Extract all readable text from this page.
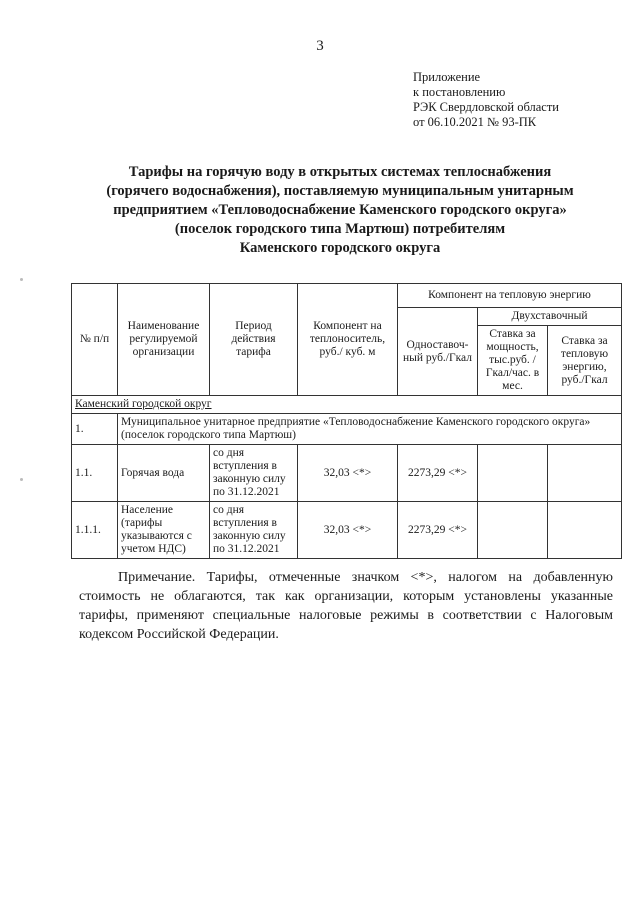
3
Приложение
к постановлению
РЭК Свердловской области
от 06.10.2021 № 93-ПК
Тарифы на горячую воду в открытых системах теплоснабжения
(горячего водоснабжения), поставляемую муниципальным унитарным
предприятием «Тепловодоснабжение Каменского городского округа»
(поселок городского типа Мартюш) потребителям
Каменского городского округа
№ п/п	Наименование регулируемой организации	Период действия тарифа	Компонент на теплоноситель, руб./ куб. м	Компонент на тепловую энергию		
				Одноставоч-ный руб./Гкал	Двухставочный	
					Ставка за мощность, тыс.руб. /Гкал/час. в мес.	Ставка за тепловую энергию, руб./Гкал
Каменский городской округ						
1.	Муниципальное унитарное предприятие «Тепловодоснабжение Каменского городского округа» (поселок городского типа Мартюш)					
1.1.	Горячая вода	со дня вступления в законную силу по 31.12.2021	32,03 <*>	2273,29 <*>		
1.1.1.	Население (тарифы указываются с учетом НДС)	со дня вступления в законную силу по 31.12.2021	32,03 <*>	2273,29 <*>		
Примечание. Тарифы, отмеченные значком <*>, налогом на добавленную стоимость не облагаются, так как организации, которым установлены указанные тарифы, применяют специальные налоговые режимы в соответствии с Налоговым кодексом Российской Федерации.
